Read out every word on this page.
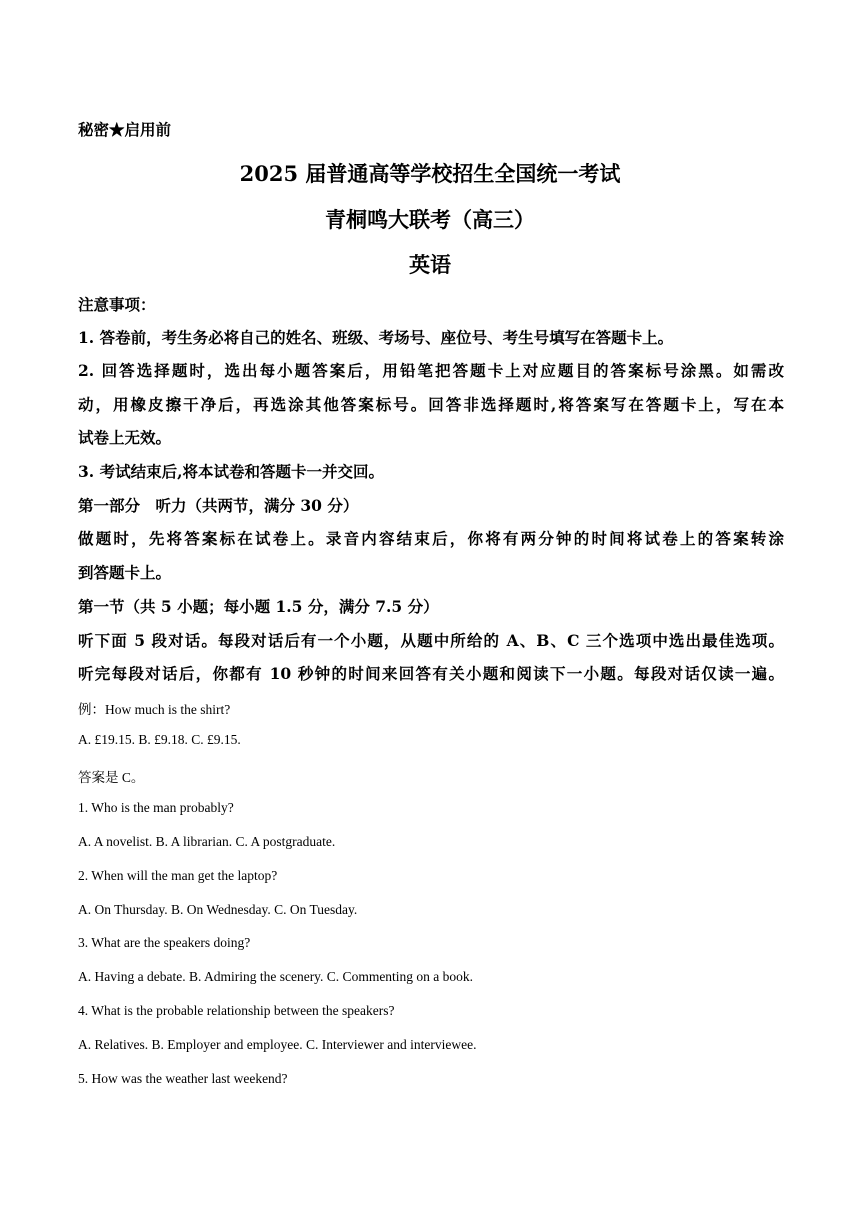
秘密★启用前
2025 届普通高等学校招生全国统一考试
青桐鸣大联考（高三）
英语
注意事项：
1. 答卷前，考生务必将自己的姓名、班级、考场号、座位号、考生号填写在答题卡上。
2. 回答选择题时，选出每小题答案后，用铅笔把答题卡上对应题目的答案标号涂黑。如需改
动，用橡皮擦干净后，再选涂其他答案标号。回答非选择题时,将答案写在答题卡上，写在本
试卷上无效。
3. 考试结束后,将本试卷和答题卡一并交回。
第一部分　听力（共两节，满分 30 分）
做题时，先将答案标在试卷上。录音内容结束后，你将有两分钟的时间将试卷上的答案转涂
到答题卡上。
第一节（共 5 小题；每小题 1.5 分，满分 7.5 分）
听下面 5 段对话。每段对话后有一个小题，从题中所给的 A、B、C 三个选项中选出最佳选项。
听完每段对话后，你都有 10 秒钟的时间来回答有关小题和阅读下一小题。每段对话仅读一遍。
例：How much is the shirt?
A. £19.15. B. £9.18. C. £9.15.
答案是 C。
1. Who is the man probably?
A. A novelist. B. A librarian. C. A postgraduate.
2. When will the man get the laptop?
A. On Thursday. B. On Wednesday. C. On Tuesday.
3. What are the speakers doing?
A. Having a debate. B. Admiring the scenery. C. Commenting on a book.
4. What is the probable relationship between the speakers?
A. Relatives. B. Employer and employee. C. Interviewer and interviewee.
5. How was the weather last weekend?
